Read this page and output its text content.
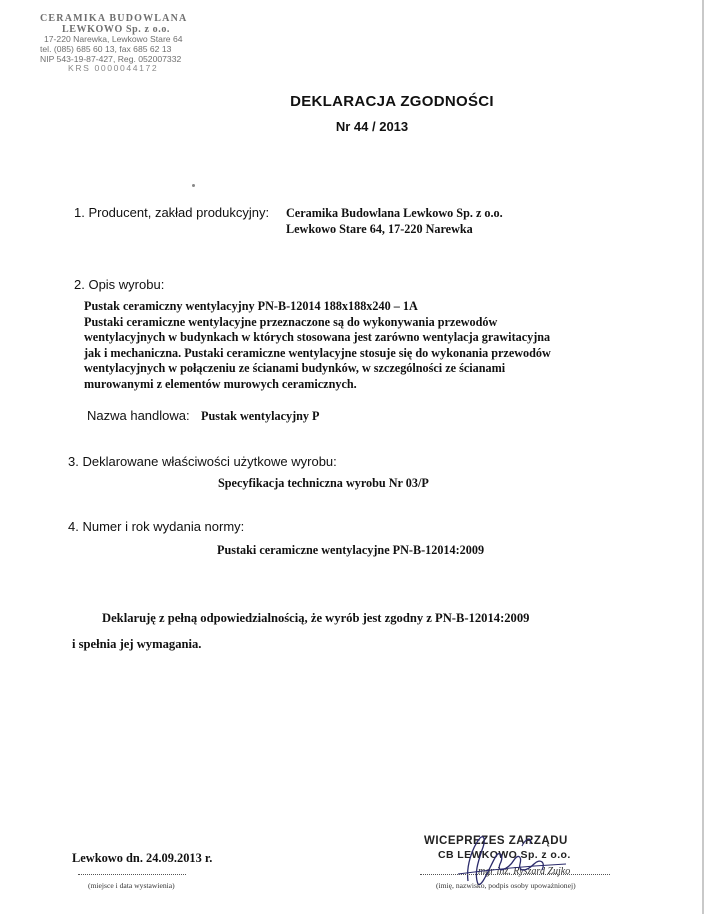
CERAMIKA BUDOWLANA
LEWKOWO Sp. z o.o.
17-220 Narewka, Lewkowo Stare 64
tel. (085) 685 60 13, fax 685 62 13
NIP 543-19-87-427, Reg. 052007332
KRS 0000044172
DEKLARACJA ZGODNOŚCI
Nr 44 / 2013
1. Producent, zakład produkcyjny: Ceramika Budowlana Lewkowo Sp. z o.o.
Lewkowo Stare 64, 17-220 Narewka
2. Opis wyrobu:
Pustak ceramiczny wentylacyjny PN-B-12014 188x188x240 – 1A
Pustaki ceramiczne wentylacyjne przeznaczone są do wykonywania przewodów
wentylacyjnych w budynkach w których stosowana jest zarówno wentylacja grawitacyjna
jak i mechaniczna. Pustaki ceramiczne wentylacyjne stosuje się do wykonania przewodów
wentylacyjnych w połączeniu ze ścianami budynków, w szczególności ze ścianami
murowanymi z elementów murowych ceramicznych.
Nazwa handlowa: Pustak wentylacyjny P
3. Deklarowane właściwości użytkowe wyrobu:
Specyfikacja techniczna wyrobu Nr 03/P
4. Numer i rok wydania normy:
Pustaki ceramiczne wentylacyjne PN-B-12014:2009
Deklaruję z pełną odpowiedzialnością, że wyrób jest zgodny z PN-B-12014:2009
i spełnia jej wymagania.
Lewkowo dn. 24.09.2013 r.
(miejsce i data wystawienia)
WICEPREZES ZARZĄDU
CB LEWKOWO Sp. z o.o.
mgr inż. Ryszard Zujko
(imię, nazwisko, podpis osoby upoważnionej)
